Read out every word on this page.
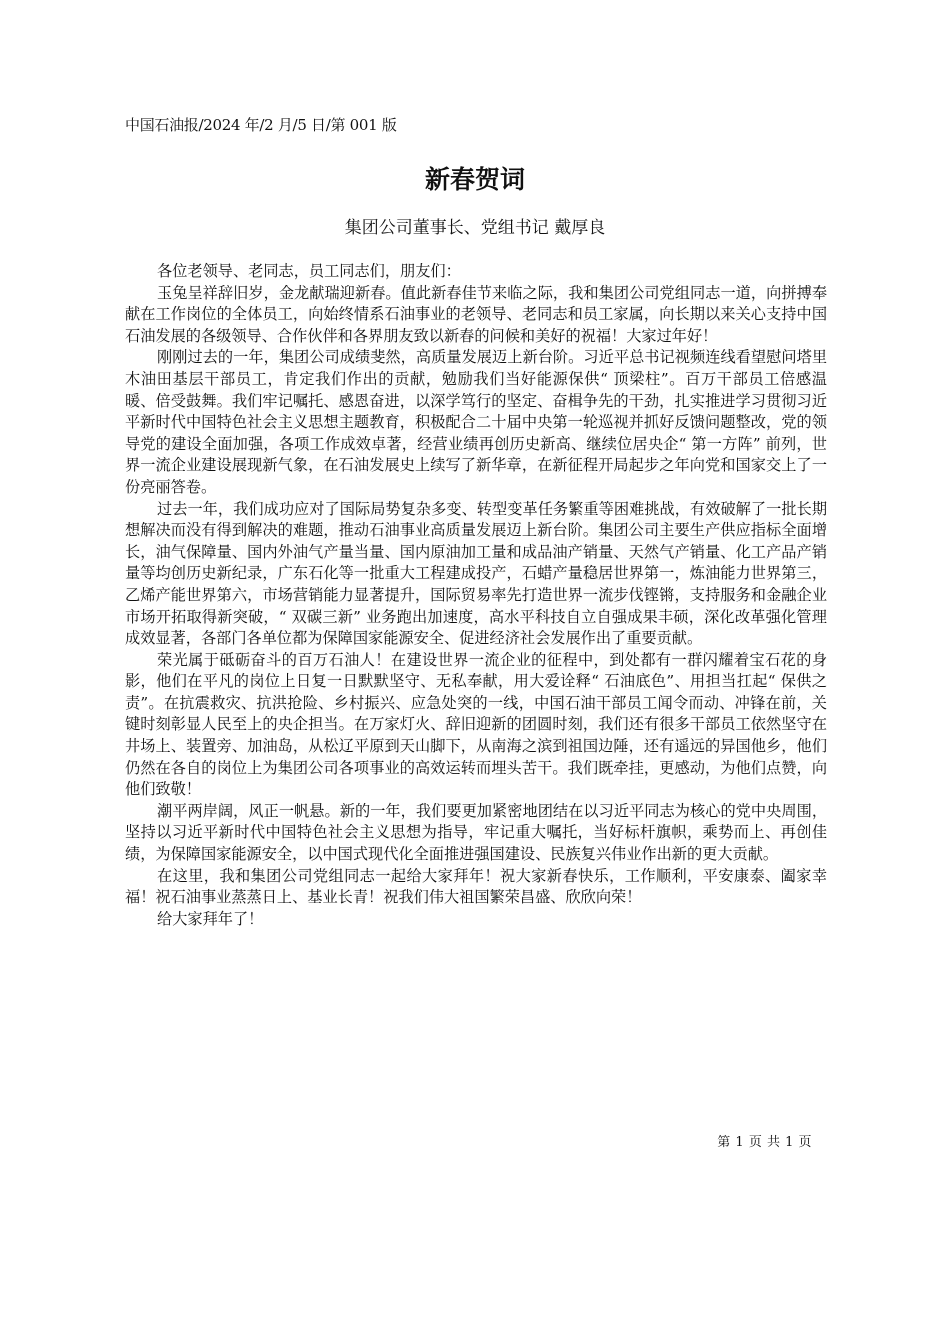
中国石油报/2024 年/2 月/5 日/第 001 版
新春贺词
集团公司董事长、党组书记 戴厚良

各位老领导、老同志，员工同志们，朋友们：

玉兔呈祥辞旧岁，金龙献瑞迎新春。值此新春佳节来临之际，我和集团公司党组同志一道，向拼搏奉献在工作岗位的全体员工，向始终情系石油事业的老领导、老同志和员工家属，向长期以来关心支持中国石油发展的各级领导、合作伙伴和各界朋友致以新春的问候和美好的祝福！大家过年好！

刚刚过去的一年，集团公司成绩斐然，高质量发展迈上新台阶。习近平总书记视频连线看望慰问塔里木油田基层干部员工，肯定我们作出的贡献，勉励我们当好能源保供“ 顶梁柱”。百万干部员工倍感温暖、倍受鼓舞。我们牢记嘱托、感恩奋进，以深学笃行的坚定、奋楫争先的干劲，扎实推进学习贯彻习近平新时代中国特色社会主义思想主题教育，积极配合二十届中央第一轮巡视并抓好反馈问题整改，党的领导党的建设全面加强，各项工作成效卓著，经营业绩再创历史新高、继续位居央企“ 第一方阵” 前列，世界一流企业建设展现新气象，在石油发展史上续写了新华章，在新征程开局起步之年向党和国家交上了一份亮丽答卷。

过去一年，我们成功应对了国际局势复杂多变、转型变革任务繁重等困难挑战，有效破解了一批长期想解决而没有得到解决的难题，推动石油事业高质量发展迈上新台阶。集团公司主要生产供应指标全面增长，油气保障量、国内外油气产量当量、国内原油加工量和成品油产销量、天然气产销量、化工产品产销量等均创历史新纪录，广东石化等一批重大工程建成投产，石蜡产量稳居世界第一，炼油能力世界第三，乙烯产能世界第六，市场营销能力显著提升，国际贸易率先打造世界一流步伐铿锵，支持服务和金融企业市场开拓取得新突破，“ 双碳三新” 业务跑出加速度，高水平科技自立自强成果丰硕，深化改革强化管理成效显著，各部门各单位都为保障国家能源安全、促进经济社会发展作出了重要贡献。

荣光属于砥砺奋斗的百万石油人！在建设世界一流企业的征程中，到处都有一群闪耀着宝石花的身影，他们在平凡的岗位上日复一日默默坚守、无私奉献，用大爱诠释“ 石油底色”、用担当扛起“ 保供之责”。在抗震救灾、抗洪抢险、乡村振兴、应急处突的一线，中国石油干部员工闻令而动、冲锋在前，关键时刻彰显人民至上的央企担当。在万家灯火、辞旧迎新的团圆时刻，我们还有很多干部员工依然坚守在井场上、装置旁、加油岛，从松辽平原到天山脚下，从南海之滨到祖国边陲，还有遥远的异国他乡，他们仍然在各自的岗位上为集团公司各项事业的高效运转而埋头苦干。我们既牵挂，更感动，为他们点赞，向他们致敬！

潮平两岸阔，风正一帆悬。新的一年，我们要更加紧密地团结在以习近平同志为核心的党中央周围，坚持以习近平新时代中国特色社会主义思想为指导，牢记重大嘱托，当好标杆旗帜，乘势而上、再创佳绩，为保障国家能源安全，以中国式现代化全面推进强国建设、民族复兴伟业作出新的更大贡献。

在这里，我和集团公司党组同志一起给大家拜年！祝大家新春快乐，工作顺利，平安康泰、阖家幸福！祝石油事业蒸蒸日上、基业长青！祝我们伟大祖国繁荣昌盛、欣欣向荣！

给大家拜年了！

第 1 页 共 1 页
